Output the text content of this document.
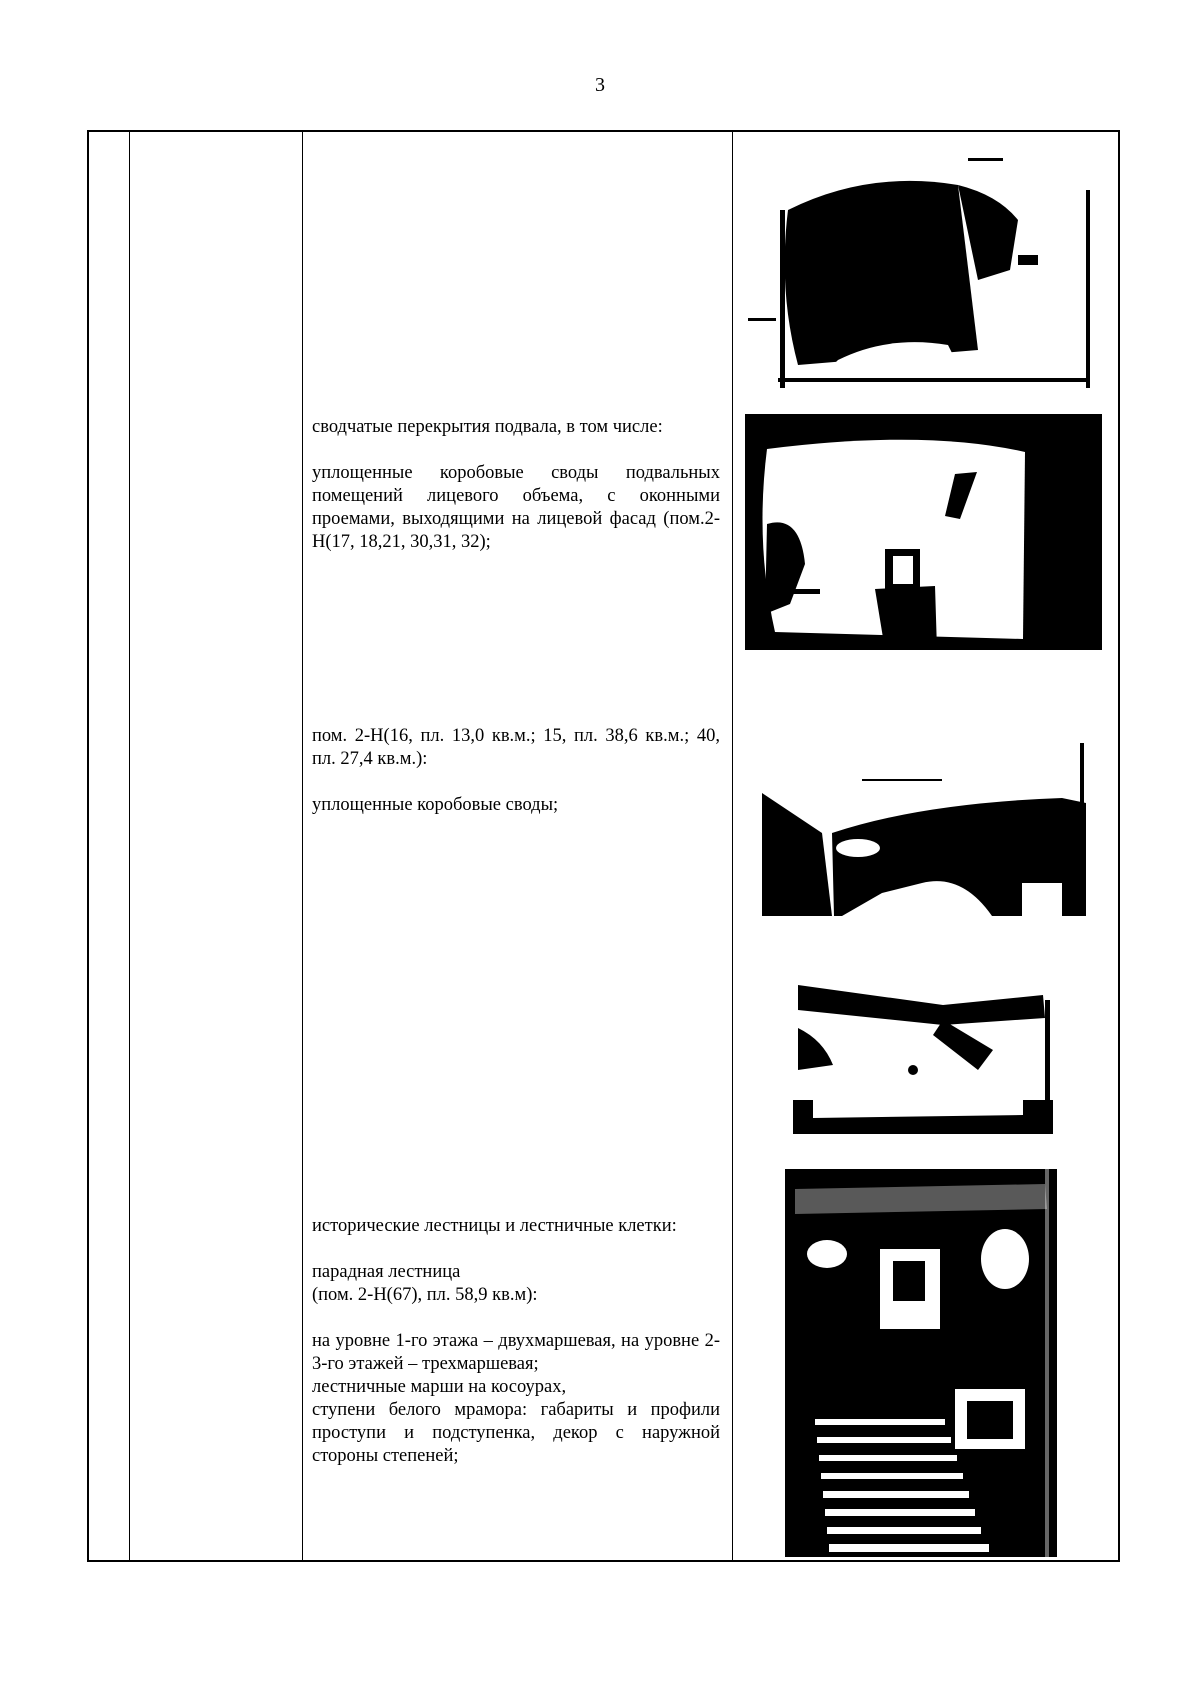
3

сводчатые перекрытия подвала, в том числе:

уплощенные коробовые своды подвальных помещений лицевого объема, с оконными проемами, выходящими на лицевой фасад (пом.2-Н(17, 18,21, 30,31, 32);

пом. 2-Н(16, пл. 13,0 кв.м.; 15, пл. 38,6 кв.м.; 40, пл. 27,4 кв.м.):

уплощенные коробовые своды;

исторические лестницы и лестничные клетки:

парадная лестница

(пом. 2-Н(67), пл. 58,9 кв.м):

на уровне 1-го этажа – двухмаршевая, на уровне 2-3-го этажей – трехмаршевая;

лестничные марши на косоурах,

ступени белого мрамора: габариты и профили проступи и подступенка, декор с наружной стороны степеней;
